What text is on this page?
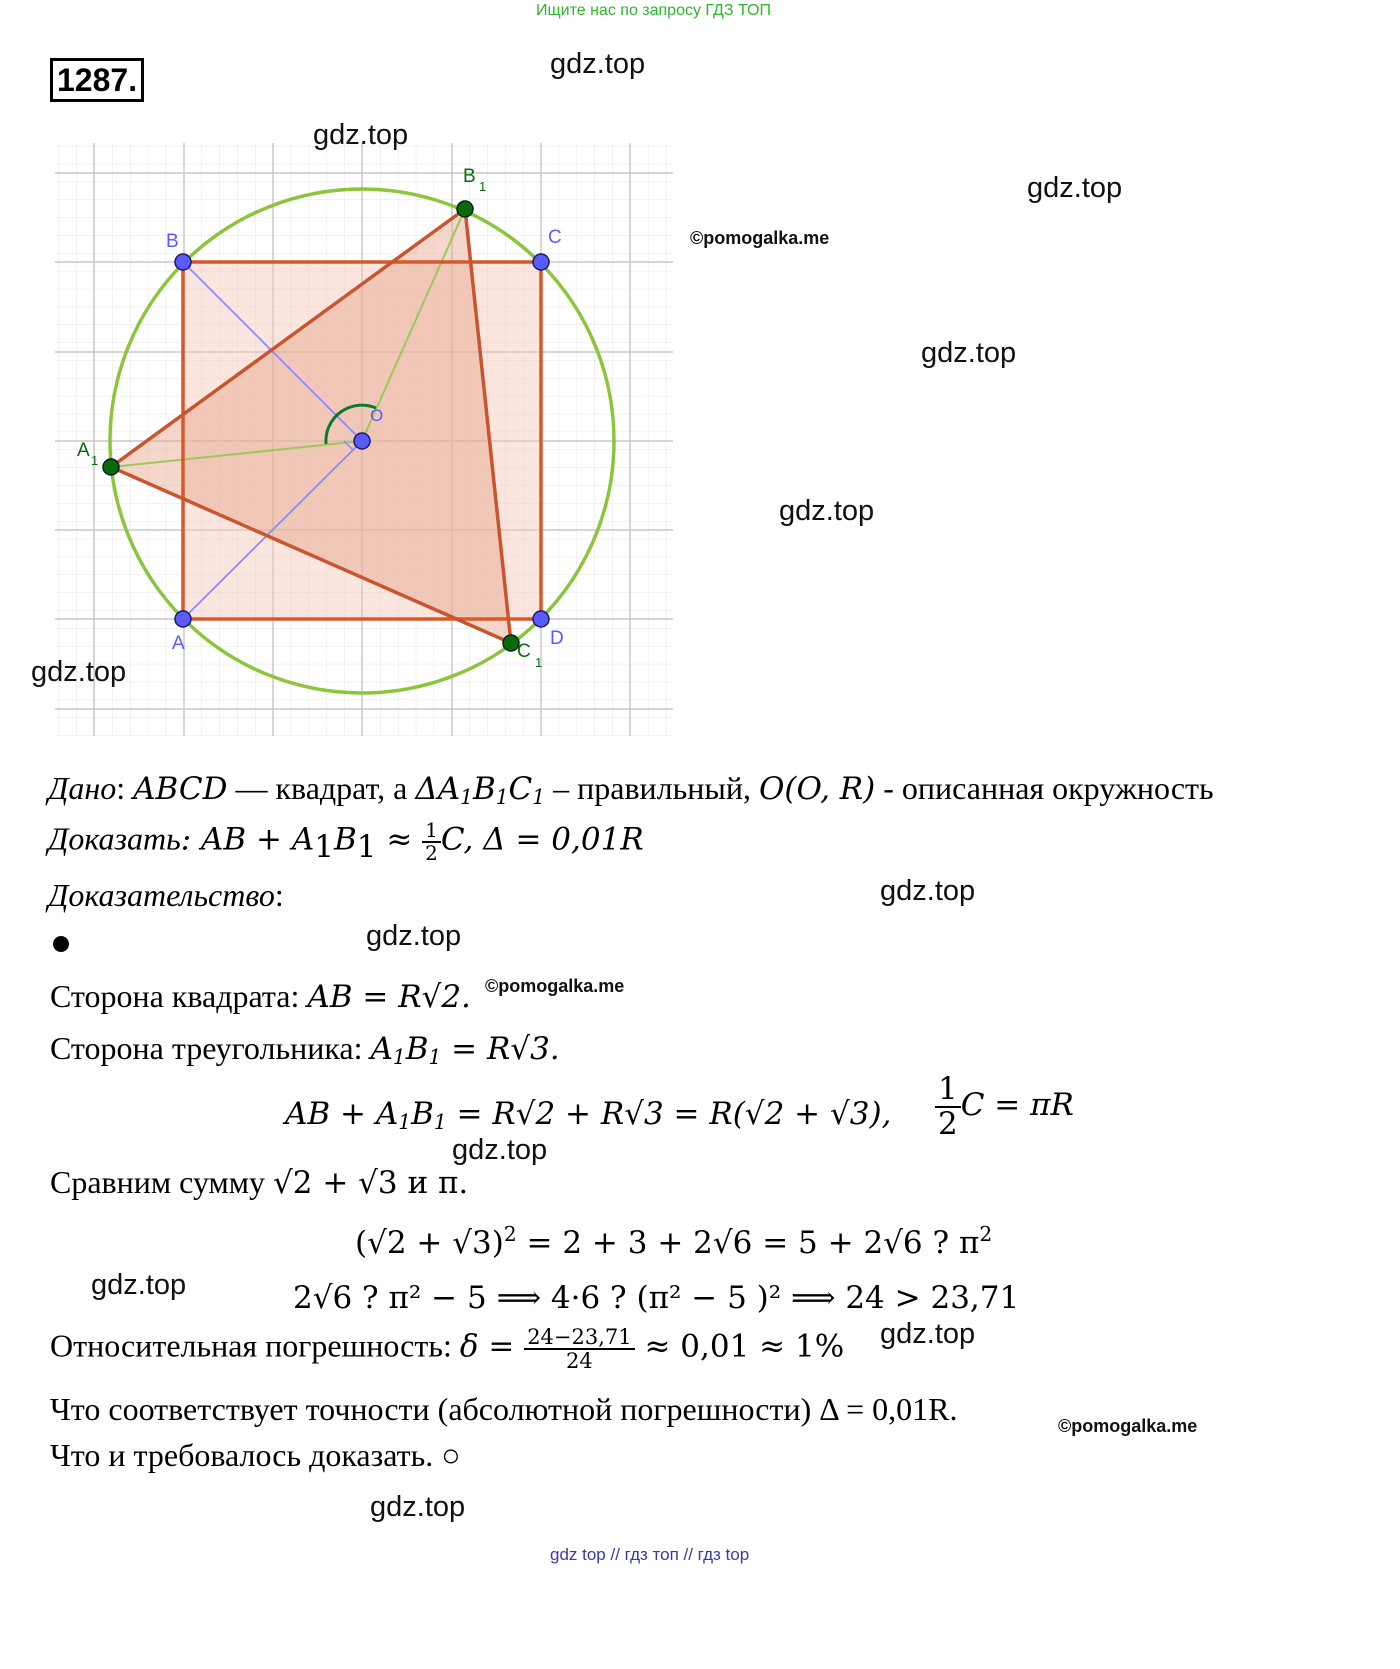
Ищите нас по запросу ГДЗ ТОП
1287.
B	C
A	D
O
B 1
A 1
C
1
gdz.top
gdz.top
gdz.top
©pomogalka.me
gdz.top
gdz.top
gdz.top
gdz.top
gdz.top
©pomogalka.me
gdz.top
gdz.top
gdz.top
©pomogalka.me
gdz.top
Дано: ABCD — квадрат, а $\Delta A_1B_1C_1$ – правильный, O(O, R) - описанная окружность
Доказать: AB + $A_1B_1 \approx \frac{1}{2} C$, Δ = 0,01R
Доказательство:
Сторона квадрата: AB = R√2.
Сторона треугольника: $A_1B_1 = R√3$.
AB + $A_1B_1 = R√2 + R√3 = R(√2 + √3)$, $\frac{1}{2}$ C = πR
Сравним сумму √2 + √3 и π.
$(√2 + √3)^2 = 2 + 3 + 2√6 = 5 + 2√6$ ? $\pi^2$
2√6 ? π² − 5 ⟹ 4·6 ? (π² − 5 )² ⟹ 24 > 23,71
Относительная погрешность: $\delta = \frac{24-23,71}{24} \approx 0,01 \approx 1\%$
Что соответствует точности (абсолютной погрешности) Δ = 0,01R.
Что и требовалось доказать. ○
gdz top // гдз топ // гдз top
